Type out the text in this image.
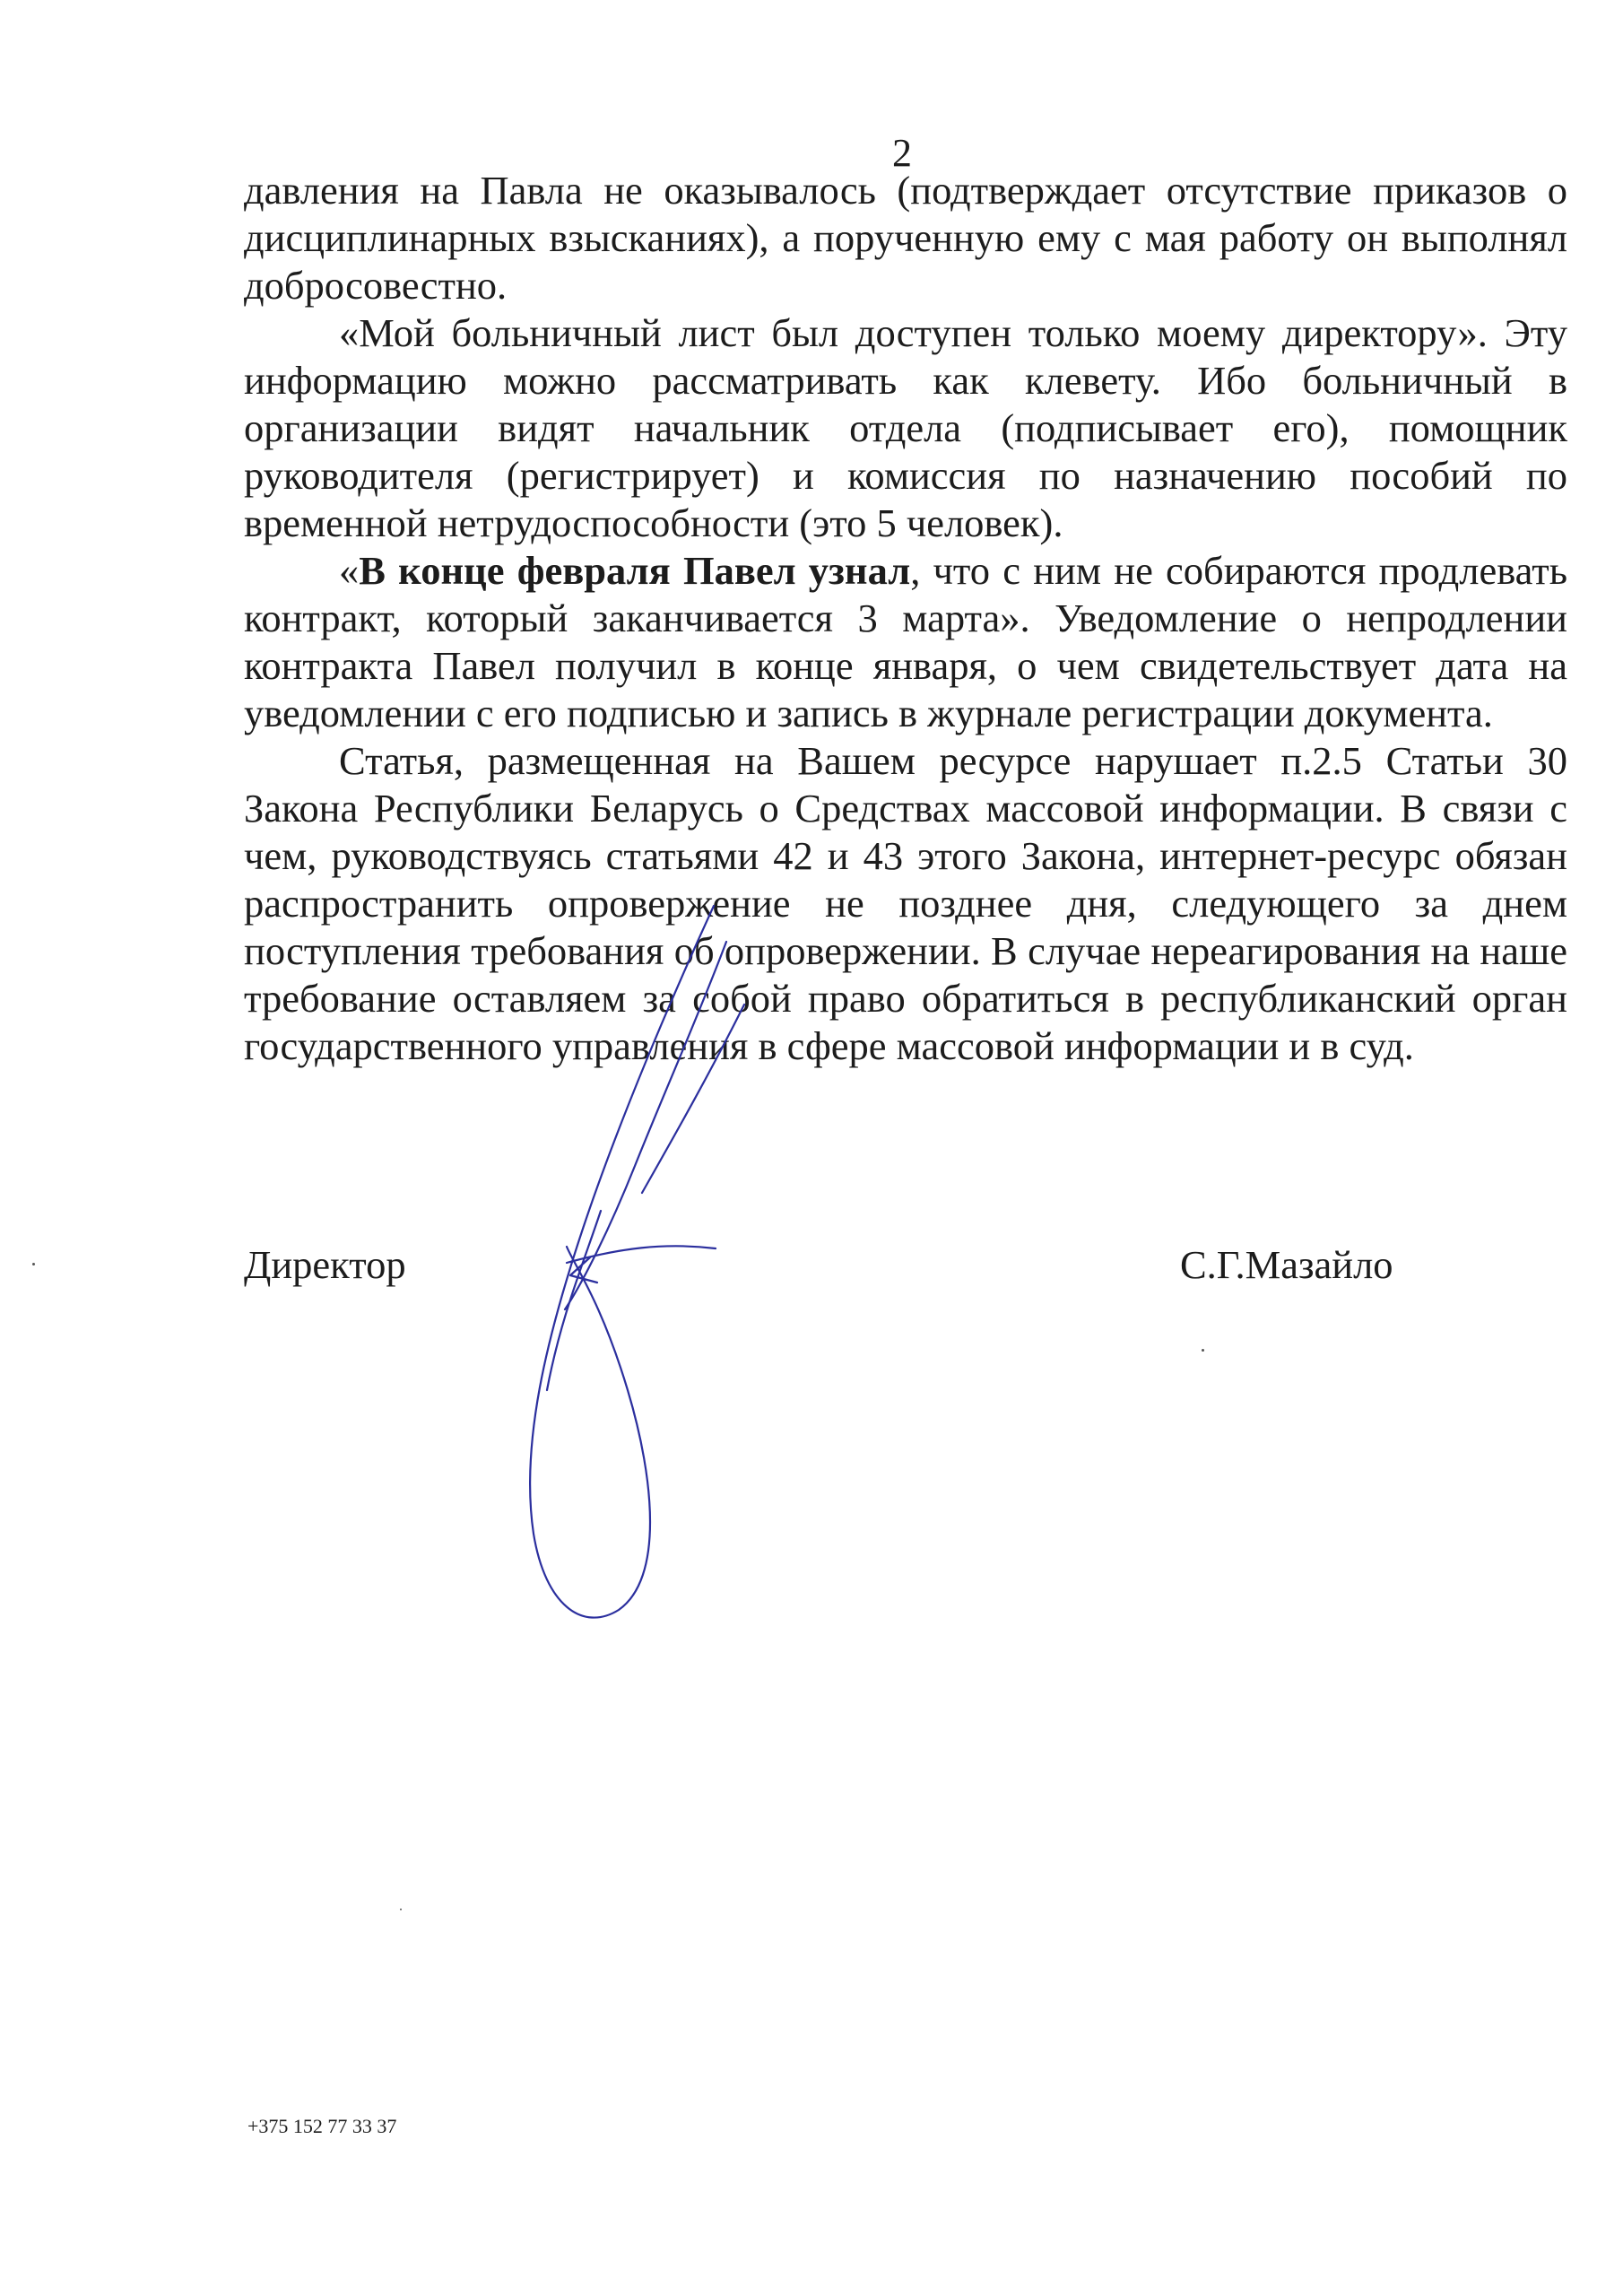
2

давления на Павла не оказывалось (подтверждает отсутствие приказов о дисциплинарных взысканиях), а порученную ему с мая работу он выполнял добросовестно.

«Мой больничный лист был доступен только моему директору». Эту информацию можно рассматривать как клевету. Ибо больничный в организации видят начальник отдела (подписывает его), помощник руководителя (регистрирует) и комиссия по назначению пособий по временной нетрудоспособности (это 5 человек).

«В конце февраля Павел узнал, что с ним не собираются продлевать контракт, который заканчивается 3 марта». Уведомление о непродлении контракта Павел получил в конце января, о чем свидетельствует дата на уведомлении с его подписью и запись в журнале регистрации документа.

Статья, размещенная на Вашем ресурсе нарушает п.2.5 Статьи 30 Закона Республики Беларусь о Средствах массовой информации. В связи с чем, руководствуясь статьями 42 и 43 этого Закона, интернет-ресурс обязан распространить опровержение не позднее дня, следующего за днем поступления требования об опровержении. В случае нереагирования на наше требование оставляем за собой право обратиться в республиканский орган государственного управления в сфере массовой информации и в суд.

Директор	С.Г.Мазайло
+375 152 77 33 37
